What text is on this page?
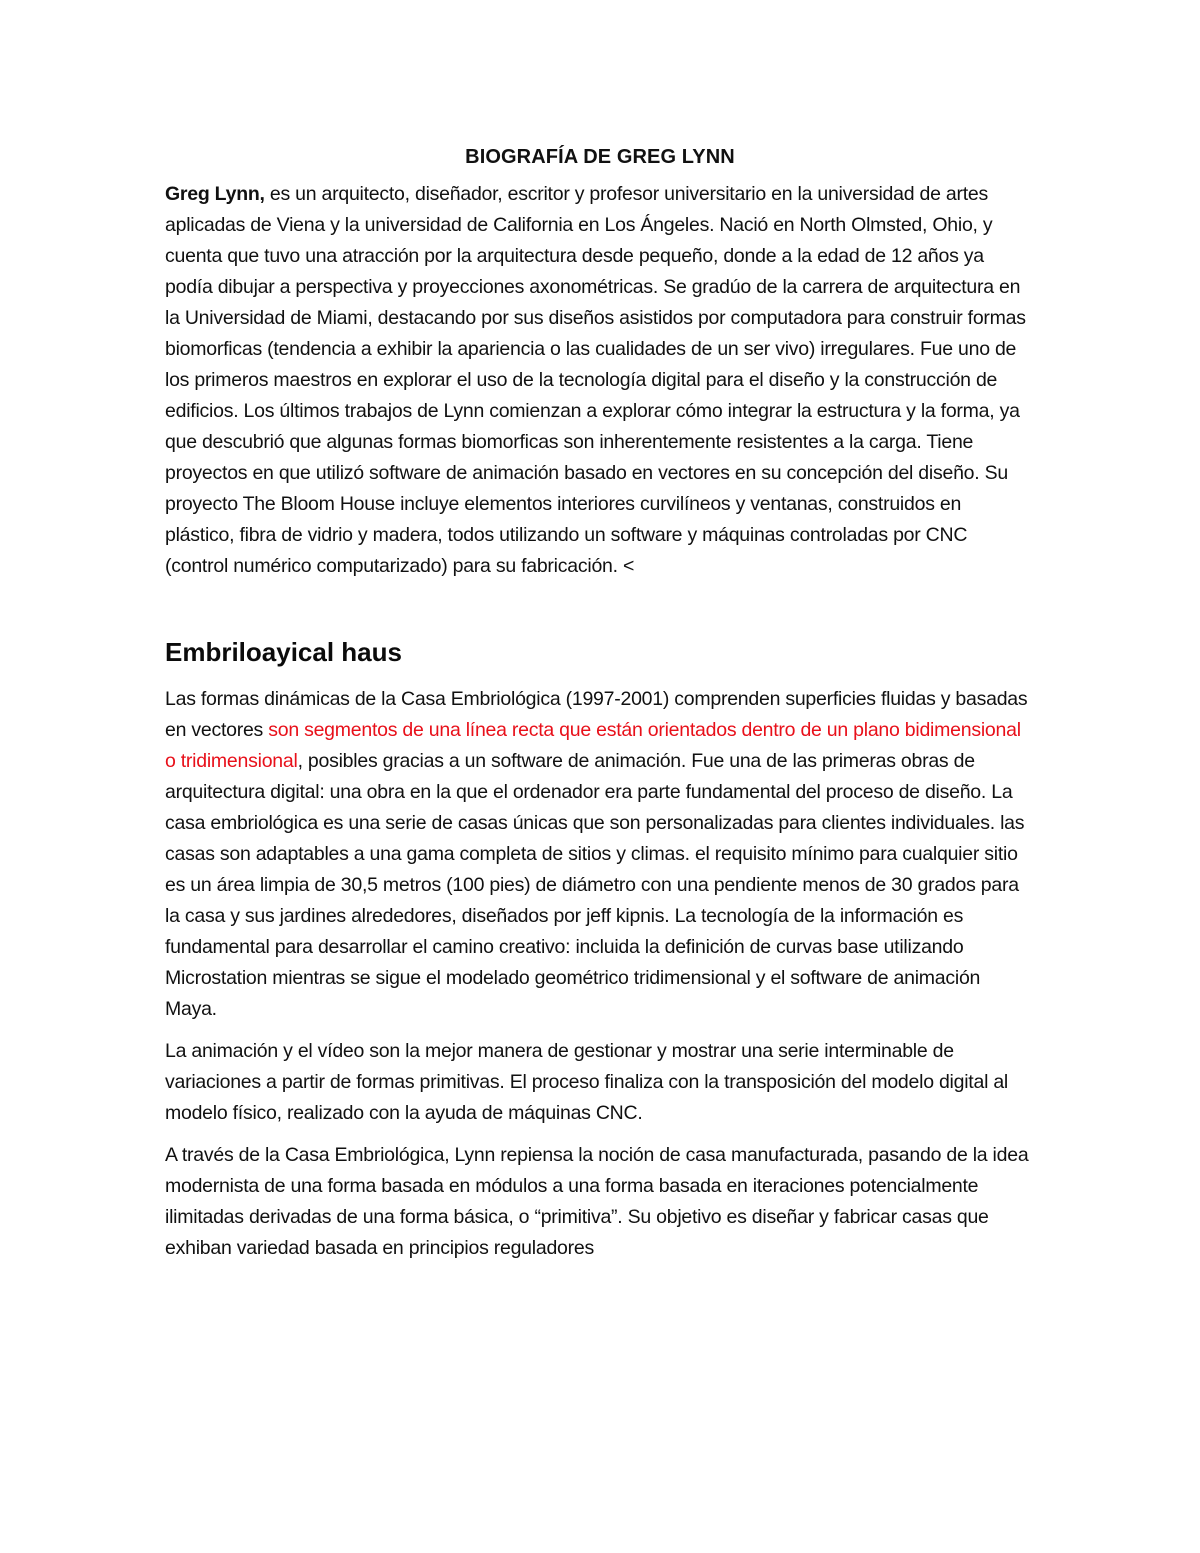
BIOGRAFÍA DE GREG LYNN

Greg Lynn, es un arquitecto, diseñador, escritor y profesor universitario en la universidad de artes aplicadas de Viena y la universidad de California en Los Ángeles. Nació en North Olmsted, Ohio, y cuenta que tuvo una atracción por la arquitectura desde pequeño, donde a la edad de 12 años ya podía dibujar a perspectiva y proyecciones axonométricas. Se gradúo de la carrera de arquitectura en la Universidad de Miami, destacando por sus diseños asistidos por computadora para construir formas biomorficas (tendencia a exhibir la apariencia o las cualidades de un ser vivo) irregulares. Fue uno de los primeros maestros en explorar el uso de la tecnología digital para el diseño y la construcción de edificios. Los últimos trabajos de Lynn comienzan a explorar cómo integrar la estructura y la forma, ya que descubrió que algunas formas biomorficas son inherentemente resistentes a la carga. Tiene proyectos en que utilizó software de animación basado en vectores en su concepción del diseño. Su proyecto The Bloom House incluye elementos interiores curvilíneos y ventanas, construidos en plástico, fibra de vidrio y madera, todos utilizando un software y máquinas controladas por CNC (control numérico computarizado) para su fabricación. <

Embriloayical haus

Las formas dinámicas de la Casa Embriológica (1997-2001) comprenden superficies fluidas y basadas en vectores son segmentos de una línea recta que están orientados dentro de un plano bidimensional o tridimensional, posibles gracias a un software de animación. Fue una de las primeras obras de arquitectura digital: una obra en la que el ordenador era parte fundamental del proceso de diseño. La casa embriológica es una serie de casas únicas que son personalizadas para clientes individuales. las casas son adaptables a una gama completa de sitios y climas. el requisito mínimo para cualquier sitio es un área limpia de 30,5 metros (100 pies) de diámetro con una pendiente menos de 30 grados para la casa y sus jardines alrededores, diseñados por jeff kipnis. La tecnología de la información es fundamental para desarrollar el camino creativo: incluida la definición de curvas base utilizando Microstation mientras se sigue el modelado geométrico tridimensional y el software de animación Maya.

La animación y el vídeo son la mejor manera de gestionar y mostrar una serie interminable de variaciones a partir de formas primitivas. El proceso finaliza con la transposición del modelo digital al modelo físico, realizado con la ayuda de máquinas CNC.

A través de la Casa Embriológica, Lynn repiensa la noción de casa manufacturada, pasando de la idea modernista de una forma basada en módulos a una forma basada en iteraciones potencialmente ilimitadas derivadas de una forma básica, o “primitiva”. Su objetivo es diseñar y fabricar casas que exhiban variedad basada en principios reguladores
